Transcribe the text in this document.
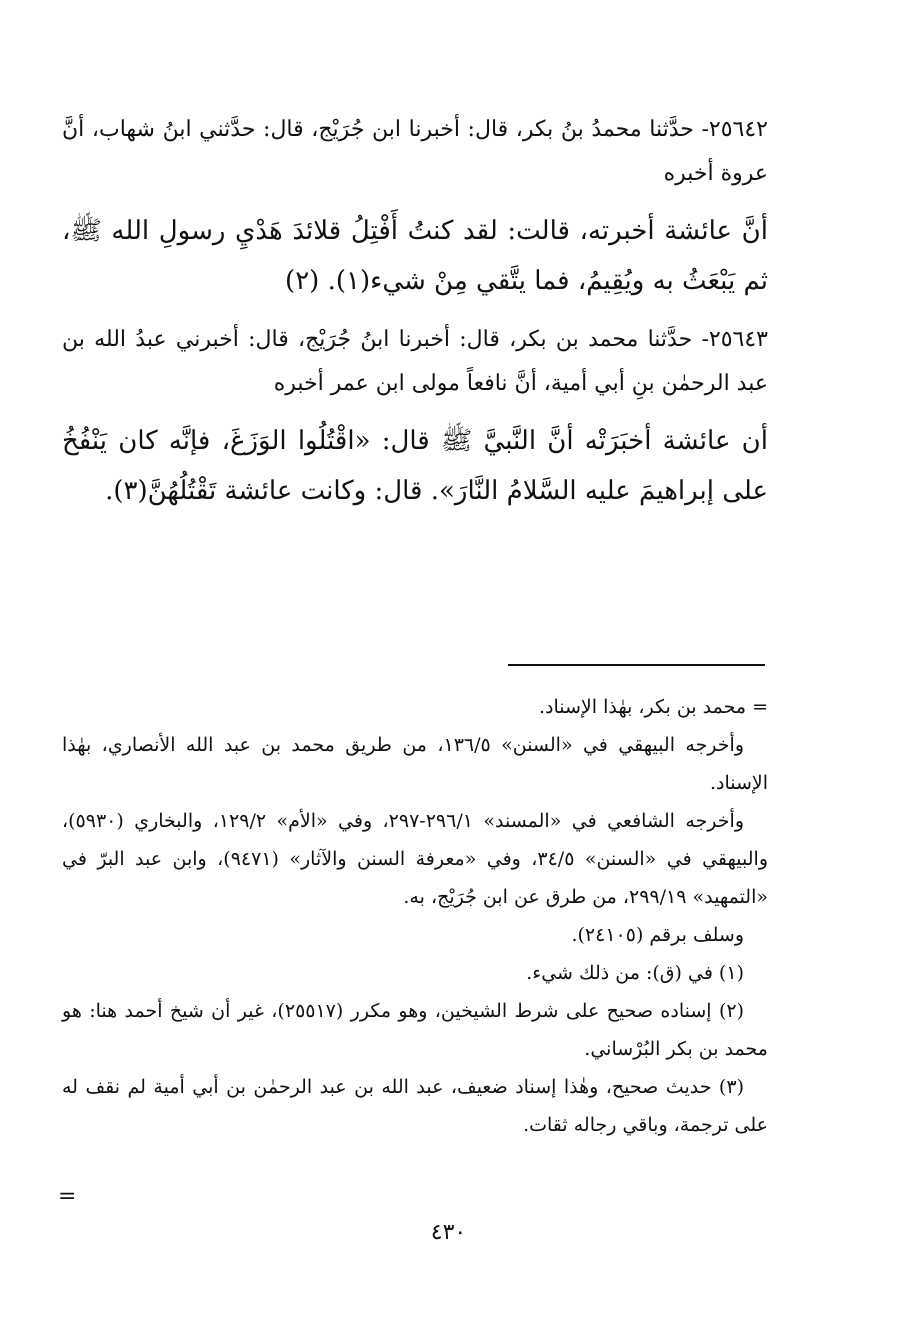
٢٥٦٤٢- حدَّثنا محمدُ بنُ بكر، قال: أخبرنا ابن جُرَيْج، قال: حدَّثني ابنُ شهاب، أنَّ عروة أخبره

أنَّ عائشة أخبرته، قالت: لقد كنتُ أَفْتِلُ قلائدَ هَدْيِ رسولِ الله ﷺ، ثم يَبْعَثُ به ويُقِيمُ، فما يتَّقي مِنْ شيء(١). (٢)

٢٥٦٤٣- حدَّثنا محمد بن بكر، قال: أخبرنا ابنُ جُرَيْج، قال: أخبرني عبدُ الله بن عبد الرحمٰن بنِ أبي أمية، أنَّ نافعاً مولى ابن عمر أخبره

أن عائشة أخبَرَتْه أنَّ النَّبيَّ ﷺ قال: «اقْتُلُوا الوَزَغَ، فإنَّه كان يَنْفُخُ على إبراهيمَ عليه السَّلامُ النَّارَ». قال: وكانت عائشة تَقْتُلُهُنَّ(٣).

= محمد بن بكر، بهٰذا الإسناد.

وأخرجه البيهقي في «السنن» ١٣٦/٥، من طريق محمد بن عبد الله الأنصاري، بهٰذا الإسناد.

وأخرجه الشافعي في «المسند» ٢٩٦/١-٢٩٧، وفي «الأم» ١٢٩/٢، والبخاري (٥٩٣٠)، والبيهقي في «السنن» ٣٤/٥، وفي «معرفة السنن والآثار» (٩٤٧١)، وابن عبد البرّ في «التمهيد» ٢٩٩/١٩، من طرق عن ابن جُرَيْج، به.

وسلف برقم (٢٤١٠٥).

(١) في (ق): من ذلك شيء.

(٢) إسناده صحيح على شرط الشيخين، وهو مكرر (٢٥٥١٧)، غير أن شيخ أحمد هنا: هو محمد بن بكر البُرْساني.

(٣) حديث صحيح، وهٰذا إسناد ضعيف، عبد الله بن عبد الرحمٰن بن أبي أمية لم نقف له على ترجمة، وباقي رجاله ثقات.

=
٤٣٠
